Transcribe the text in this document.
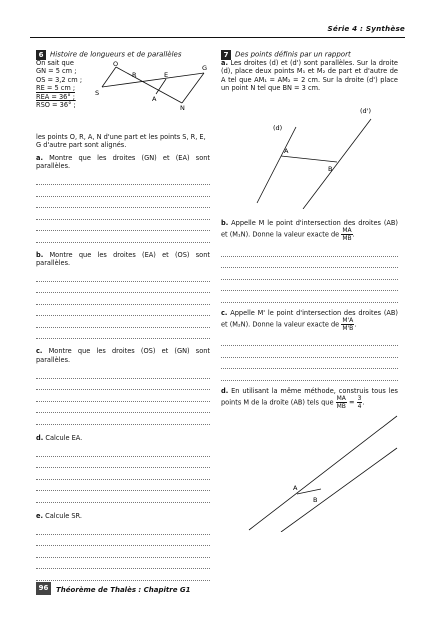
Série 4 : Synthèse
6 Histoire de longueurs et de parallèles

On sait que

GN = 5 cm ;

OS = 3,2 cm ;

RE = 5 cm ;

REA = 36° ;

RSO = 36° ;

O
R	E
G
S
A
N

les points O, R, A, N d'une part et les points S, R, E, G d'autre part sont alignés.

a. Montre que les droites (GN) et (EA) sont parallèles.

b. Montre que les droites (EA) et (OS) sont parallèles.

c. Montre que les droites (OS) et (GN) sont parallèles.

d. Calcule EA.

e. Calcule SR.

7 Des points définis par un rapport

a. Les droites (d) et (d') sont parallèles. Sur la droite (d), place deux points M₁ et M₂ de part et d'autre de A tel que AM₁ = AM₂ = 2 cm. Sur la droite (d') place un point N tel que BN = 3 cm.

(d)
(d')
A
B

b. Appelle M le point d'intersection des droites (AB) et (M₁N). Donne la valeur exacte de $\frac{MA}{MB}$ .

c. Appelle M' le point d'intersection des droites (AB) et (M₂N). Donne la valeur exacte de $\frac{M'A}{M'B}$ .

d. En utilisant la même méthode, construis tous les points M de la droite (AB) tels que $\frac{MA}{MB} = \frac{3}{4}$ .

A
B
96	Théorème de Thalès : Chapitre G1
